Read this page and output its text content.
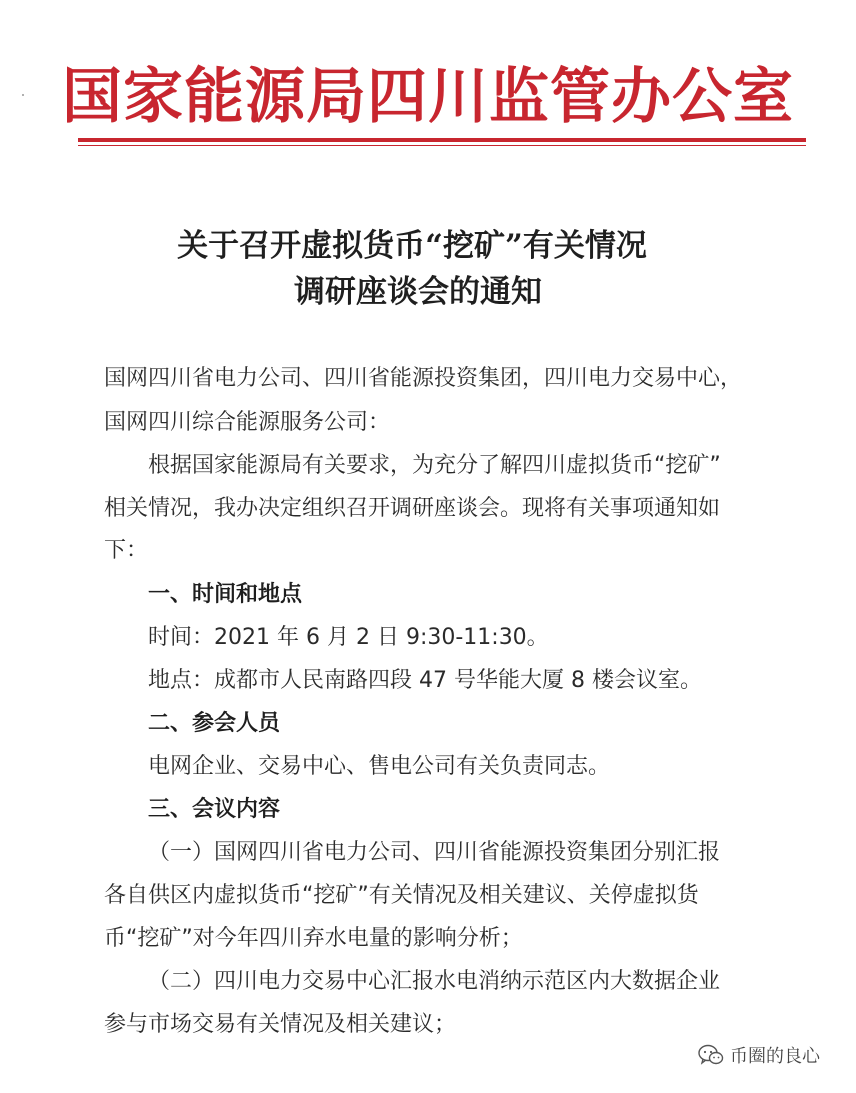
国家能源局四川监管办公室
关于召开虚拟货币“挖矿”有关情况
调研座谈会的通知
国网四川省电力公司、四川省能源投资集团，四川电力交易中心，
国网四川综合能源服务公司：
根据国家能源局有关要求，为充分了解四川虚拟货币“挖矿”
相关情况，我办决定组织召开调研座谈会。现将有关事项通知如
下：
一、时间和地点
时间：2021 年 6 月 2 日 9:30-11:30。
地点：成都市人民南路四段 47 号华能大厦 8 楼会议室。
二、参会人员
电网企业、交易中心、售电公司有关负责同志。
三、会议内容
（一）国网四川省电力公司、四川省能源投资集团分别汇报
各自供区内虚拟货币“挖矿”有关情况及相关建议、关停虚拟货
币“挖矿”对今年四川弃水电量的影响分析；
（二）四川电力交易中心汇报水电消纳示范区内大数据企业
参与市场交易有关情况及相关建议；
币圈的良心
